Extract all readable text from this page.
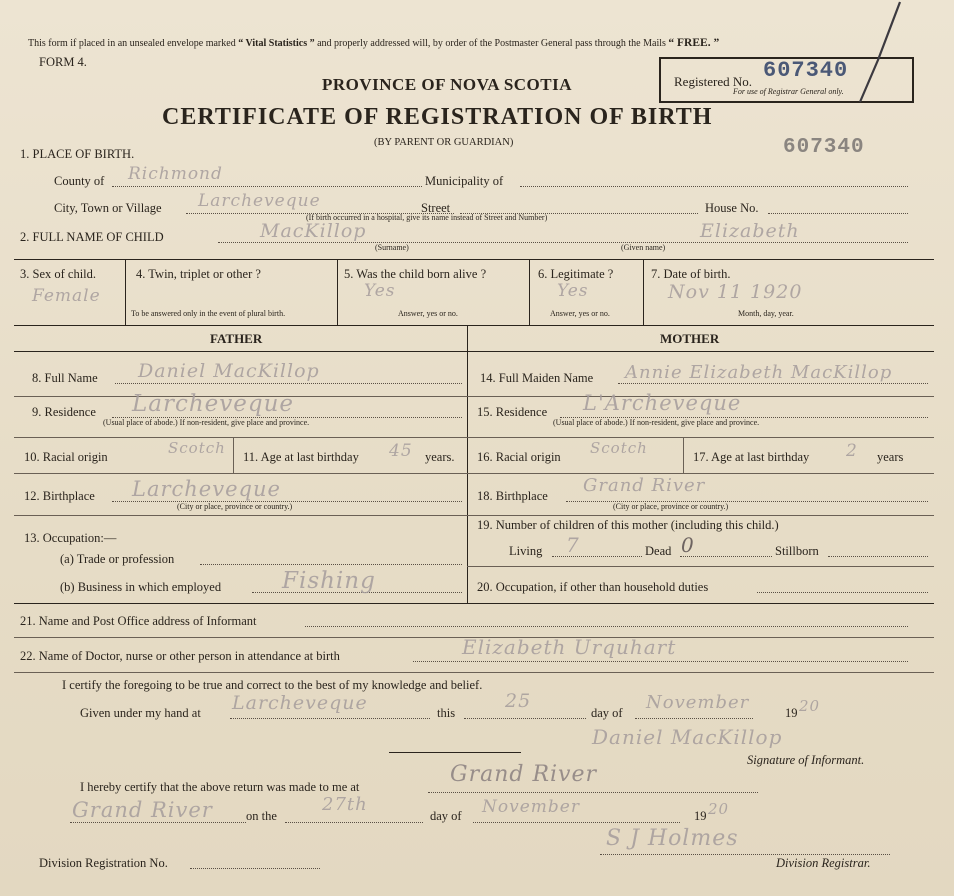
This form if placed in an unsealed envelope marked “ Vital Statistics ” and properly addressed will, by order of the Postmaster General pass through the Mails “ FREE. ”
FORM 4.
PROVINCE OF NOVA SCOTIA
CERTIFICATE OF REGISTRATION OF BIRTH
(BY PARENT OR GUARDIAN)
Registered No. 607340
For use of Registrar General only.
607340
1. PLACE OF BIRTH.
County of Richmond	Municipality of
City, Town or Village Larcheveque	Street	House No.
(If birth occurred in a hospital, give its name instead of Street and Number)
2. FULL NAME OF CHILD	MacKillop	Elizabeth
(Surname)	(Given name)
3. Sex of child.
Female
4. Twin, triplet or other ?
To be answered only in the event of plural birth.
5. Was the child born alive ?
Yes
Answer, yes or no.
6. Legitimate ?
Yes
Answer, yes or no.
7. Date of birth.
Nov 11 1920
Month, day, year.
FATHER	MOTHER
8. Full Name Daniel MacKillop
9. Residence Larcheveque
(Usual place of abode.) If non-resident, give place and province.
10. Racial origin	Scotch 11. Age at last birthday 45 years.
12. Birthplace Larcheveque
(City or place, province or country.)
13. Occupation:—
(a) Trade or profession
(b) Business in which employed	Fishing
14. Full Maiden Name Annie Elizabeth MacKillop
15. Residence L'Archeveque
(Usual place of abode.) If non-resident, give place and province.
16. Racial origin Scotch	17. Age at last birthday 2 years
18. Birthplace Grand River
(City or place, province or country.)
19. Number of children of this mother (including this child.)
Living 7	Dead 0	Stillborn
20. Occupation, if other than household duties
21. Name and Post Office address of Informant
22. Name of Doctor, nurse or other person in attendance at birth	Elizabeth Urquhart
I certify the foregoing to be true and correct to the best of my knowledge and belief.
Given under my hand at Larcheveque	this
25
day of November	19 20
Daniel MacKillop
Signature of Informant.
I hereby certify that the above return was made to me at	Grand River
Grand River	on the
27th
day of November	19 20
S J Holmes
Division Registration No.	Division Registrar.
